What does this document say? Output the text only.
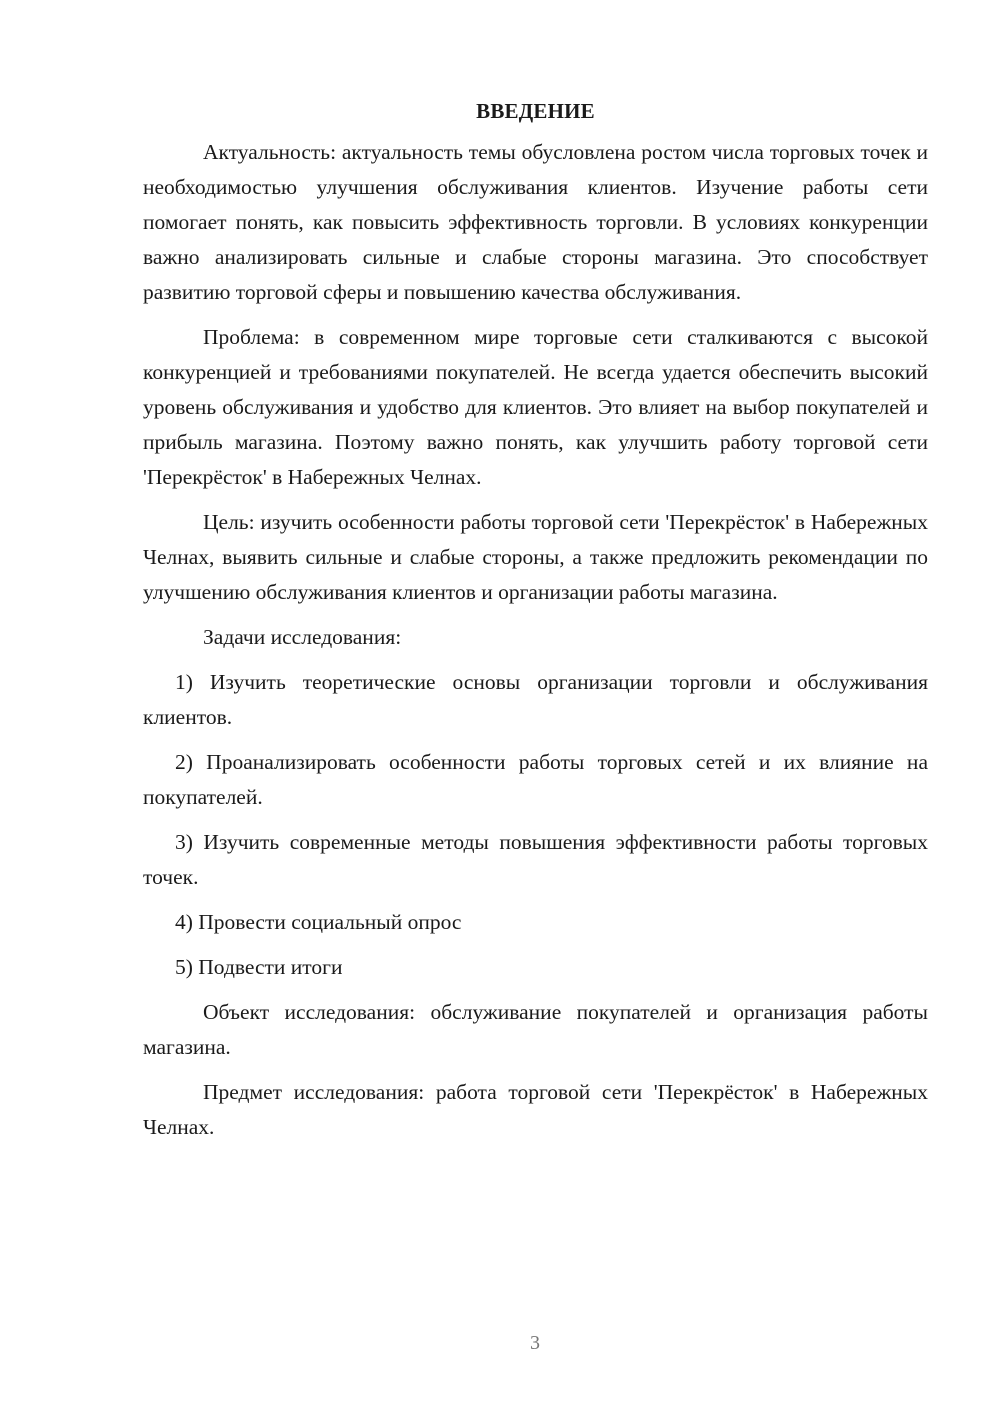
ВВЕДЕНИЕ

Актуальность: актуальность темы обусловлена ростом числа торговых точек и необходимостью улучшения обслуживания клиентов. Изучение работы сети помогает понять, как повысить эффективность торговли. В условиях конкуренции важно анализировать сильные и слабые стороны магазина. Это способствует развитию торговой сферы и повышению качества обслуживания.

Проблема: в современном мире торговые сети сталкиваются с высокой конкуренцией и требованиями покупателей. Не всегда удается обеспечить высокий уровень обслуживания и удобство для клиентов. Это влияет на выбор покупателей и прибыль магазина. Поэтому важно понять, как улучшить работу торговой сети 'Перекрёсток' в Набережных Челнах.

Цель: изучить особенности работы торговой сети 'Перекрёсток' в Набережных Челнах, выявить сильные и слабые стороны, а также предложить рекомендации по улучшению обслуживания клиентов и организации работы магазина.

Задачи исследования:

1) Изучить теоретические основы организации торговли и обслуживания клиентов.

2) Проанализировать особенности работы торговых сетей и их влияние на покупателей.

3) Изучить современные методы повышения эффективности работы торговых точек.

4) Провести социальный опрос

5) Подвести итоги

Объект исследования: обслуживание покупателей и организация работы магазина.

Предмет исследования: работа торговой сети 'Перекрёсток' в Набережных Челнах.

3
